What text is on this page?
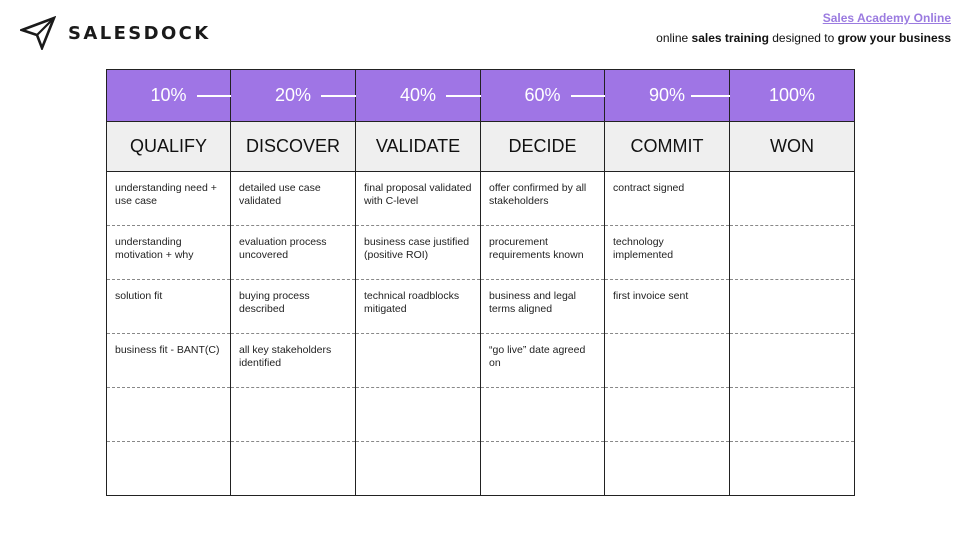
SALESDOCK
Sales Academy Online
online sales training designed to grow your business
10%	20%	40%	60%	90%	100%

QUALIFY	DISCOVER	VALIDATE	DECIDE	COMMIT	WON
understanding need + use case	detailed use case validated	final proposal validated with C-level	offer confirmed by all stakeholders	contract signed	
understanding motivation + why	evaluation process uncovered	business case justified (positive ROI)	procurement requirements known	technology implemented	
solution fit	buying process described	technical roadblocks mitigated	business and legal terms aligned	first invoice sent	
business fit - BANT(C)	all key stakeholders identified		“go live” date agreed on		
